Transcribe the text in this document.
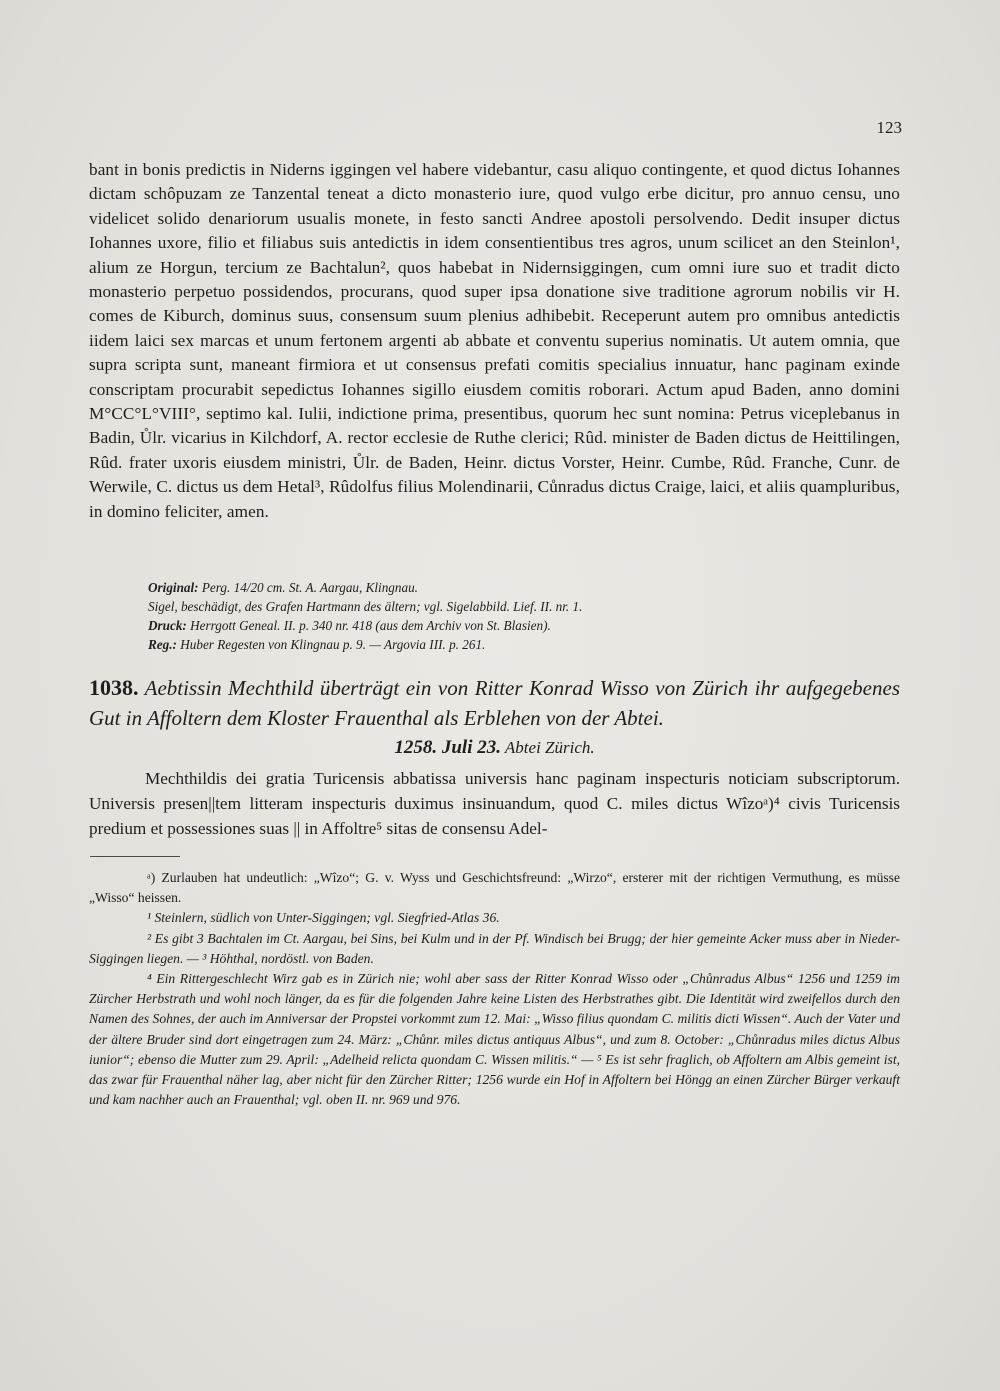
123

bant in bonis predictis in Niderns iggingen vel habere videbantur, casu aliquo contingente, et quod dictus Iohannes dictam schôpuzam ze Tanzental teneat a dicto monasterio iure, quod vulgo erbe dicitur, pro annuo censu, uno videlicet solido denariorum usualis monete, in festo sancti Andree apostoli persolvendo. Dedit insuper dictus Iohannes uxore, filio et filiabus suis antedictis in idem consentientibus tres agros, unum scilicet an den Steinlon¹, alium ze Horgun, tercium ze Bachtalun², quos habebat in Nidernsiggingen, cum omni iure suo et tradit dicto monasterio perpetuo possidendos, procurans, quod super ipsa donatione sive traditione agrorum nobilis vir H. comes de Kiburch, dominus suus, consensum suum plenius adhibebit. Receperunt autem pro omnibus antedictis iidem laici sex marcas et unum fertonem argenti ab abbate et conventu superius nominatis. Ut autem omnia, que supra scripta sunt, maneant firmiora et ut consensus prefati comitis specialius innuatur, hanc paginam exinde conscriptam procurabit sepedictus Iohannes sigillo eiusdem comitis roborari. Actum apud Baden, anno domini M°CC°L°VIII°, septimo kal. Iulii, indictione prima, presentibus, quorum hec sunt nomina: Petrus viceplebanus in Badin, Ůlr. vicarius in Kilchdorf, A. rector ecclesie de Ruthe clerici; Rûd. minister de Baden dictus de Heittilingen, Rûd. frater uxoris eiusdem ministri, Ůlr. de Baden, Heinr. dictus Vorster, Heinr. Cumbe, Rûd. Franche, Cunr. de Werwile, C. dictus us dem Hetal³, Rûdolfus filius Molendinarii, Cůnradus dictus Craige, laici, et aliis quampluribus, in domino feliciter, amen.

Original: Perg. 14/20 cm. St. A. Aargau, Klingnau.

Sigel, beschädigt, des Grafen Hartmann des ältern; vgl. Sigelabbild. Lief. II. nr. 1.

Druck: Herrgott Geneal. II. p. 340 nr. 418 (aus dem Archiv von St. Blasien).

Reg.: Huber Regesten von Klingnau p. 9. — Argovia III. p. 261.

1038. Aebtissin Mechthild überträgt ein von Ritter Konrad Wisso von Zürich ihr aufgegebenes Gut in Affoltern dem Kloster Frauenthal als Erblehen von der Abtei.
1258. Juli 23. Abtei Zürich.

Mechthildis dei gratia Turicensis abbatissa universis hanc paginam inspecturis noticiam subscriptorum. Universis presen||tem litteram inspecturis duximus insinuandum, quod C. miles dictus Wîzoᵃ)⁴ civis Turicensis predium et possessiones suas || in Affoltre⁵ sitas de consensu Adel-

ᵃ) Zurlauben hat undeutlich: „Wîzo“; G. v. Wyss und Geschichtsfreund: „Wirzo“, ersterer mit der richtigen Vermuthung, es müsse „Wisso“ heissen.

¹ Steinlern, südlich von Unter-Siggingen; vgl. Siegfried-Atlas 36.

² Es gibt 3 Bachtalen im Ct. Aargau, bei Sins, bei Kulm und in der Pf. Windisch bei Brugg; der hier gemeinte Acker muss aber in Nieder-Siggingen liegen. — ³ Höhthal, nordöstl. von Baden.

⁴ Ein Rittergeschlecht Wirz gab es in Zürich nie; wohl aber sass der Ritter Konrad Wisso oder „Chůnradus Albus“ 1256 und 1259 im Zürcher Herbstrath und wohl noch länger, da es für die folgenden Jahre keine Listen des Herbstrathes gibt. Die Identität wird zweifellos durch den Namen des Sohnes, der auch im Anniversar der Propstei vorkommt zum 12. Mai: „Wisso filius quondam C. militis dicti Wissen“. Auch der Vater und der ältere Bruder sind dort eingetragen zum 24. März: „Chůnr. miles dictus antiquus Albus“, und zum 8. October: „Chůnradus miles dictus Albus iunior“; ebenso die Mutter zum 29. April: „Adelheid relicta quondam C. Wissen militis.“ — ⁵ Es ist sehr fraglich, ob Affoltern am Albis gemeint ist, das zwar für Frauenthal näher lag, aber nicht für den Zürcher Ritter; 1256 wurde ein Hof in Affoltern bei Höngg an einen Zürcher Bürger verkauft und kam nachher auch an Frauenthal; vgl. oben II. nr. 969 und 976.
